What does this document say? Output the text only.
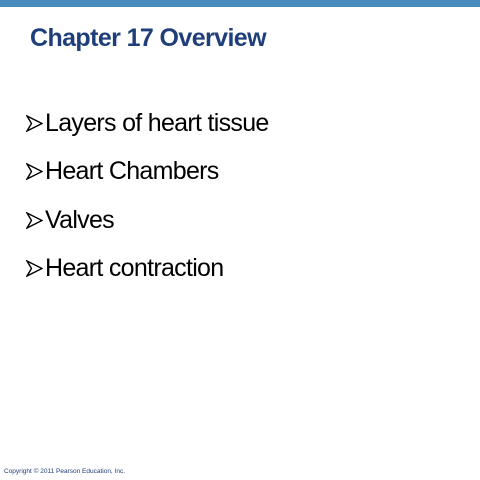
Chapter 17 Overview
Layers of heart tissue
Heart Chambers
Valves
Heart contraction
Copyright © 2011 Pearson Education, Inc.
